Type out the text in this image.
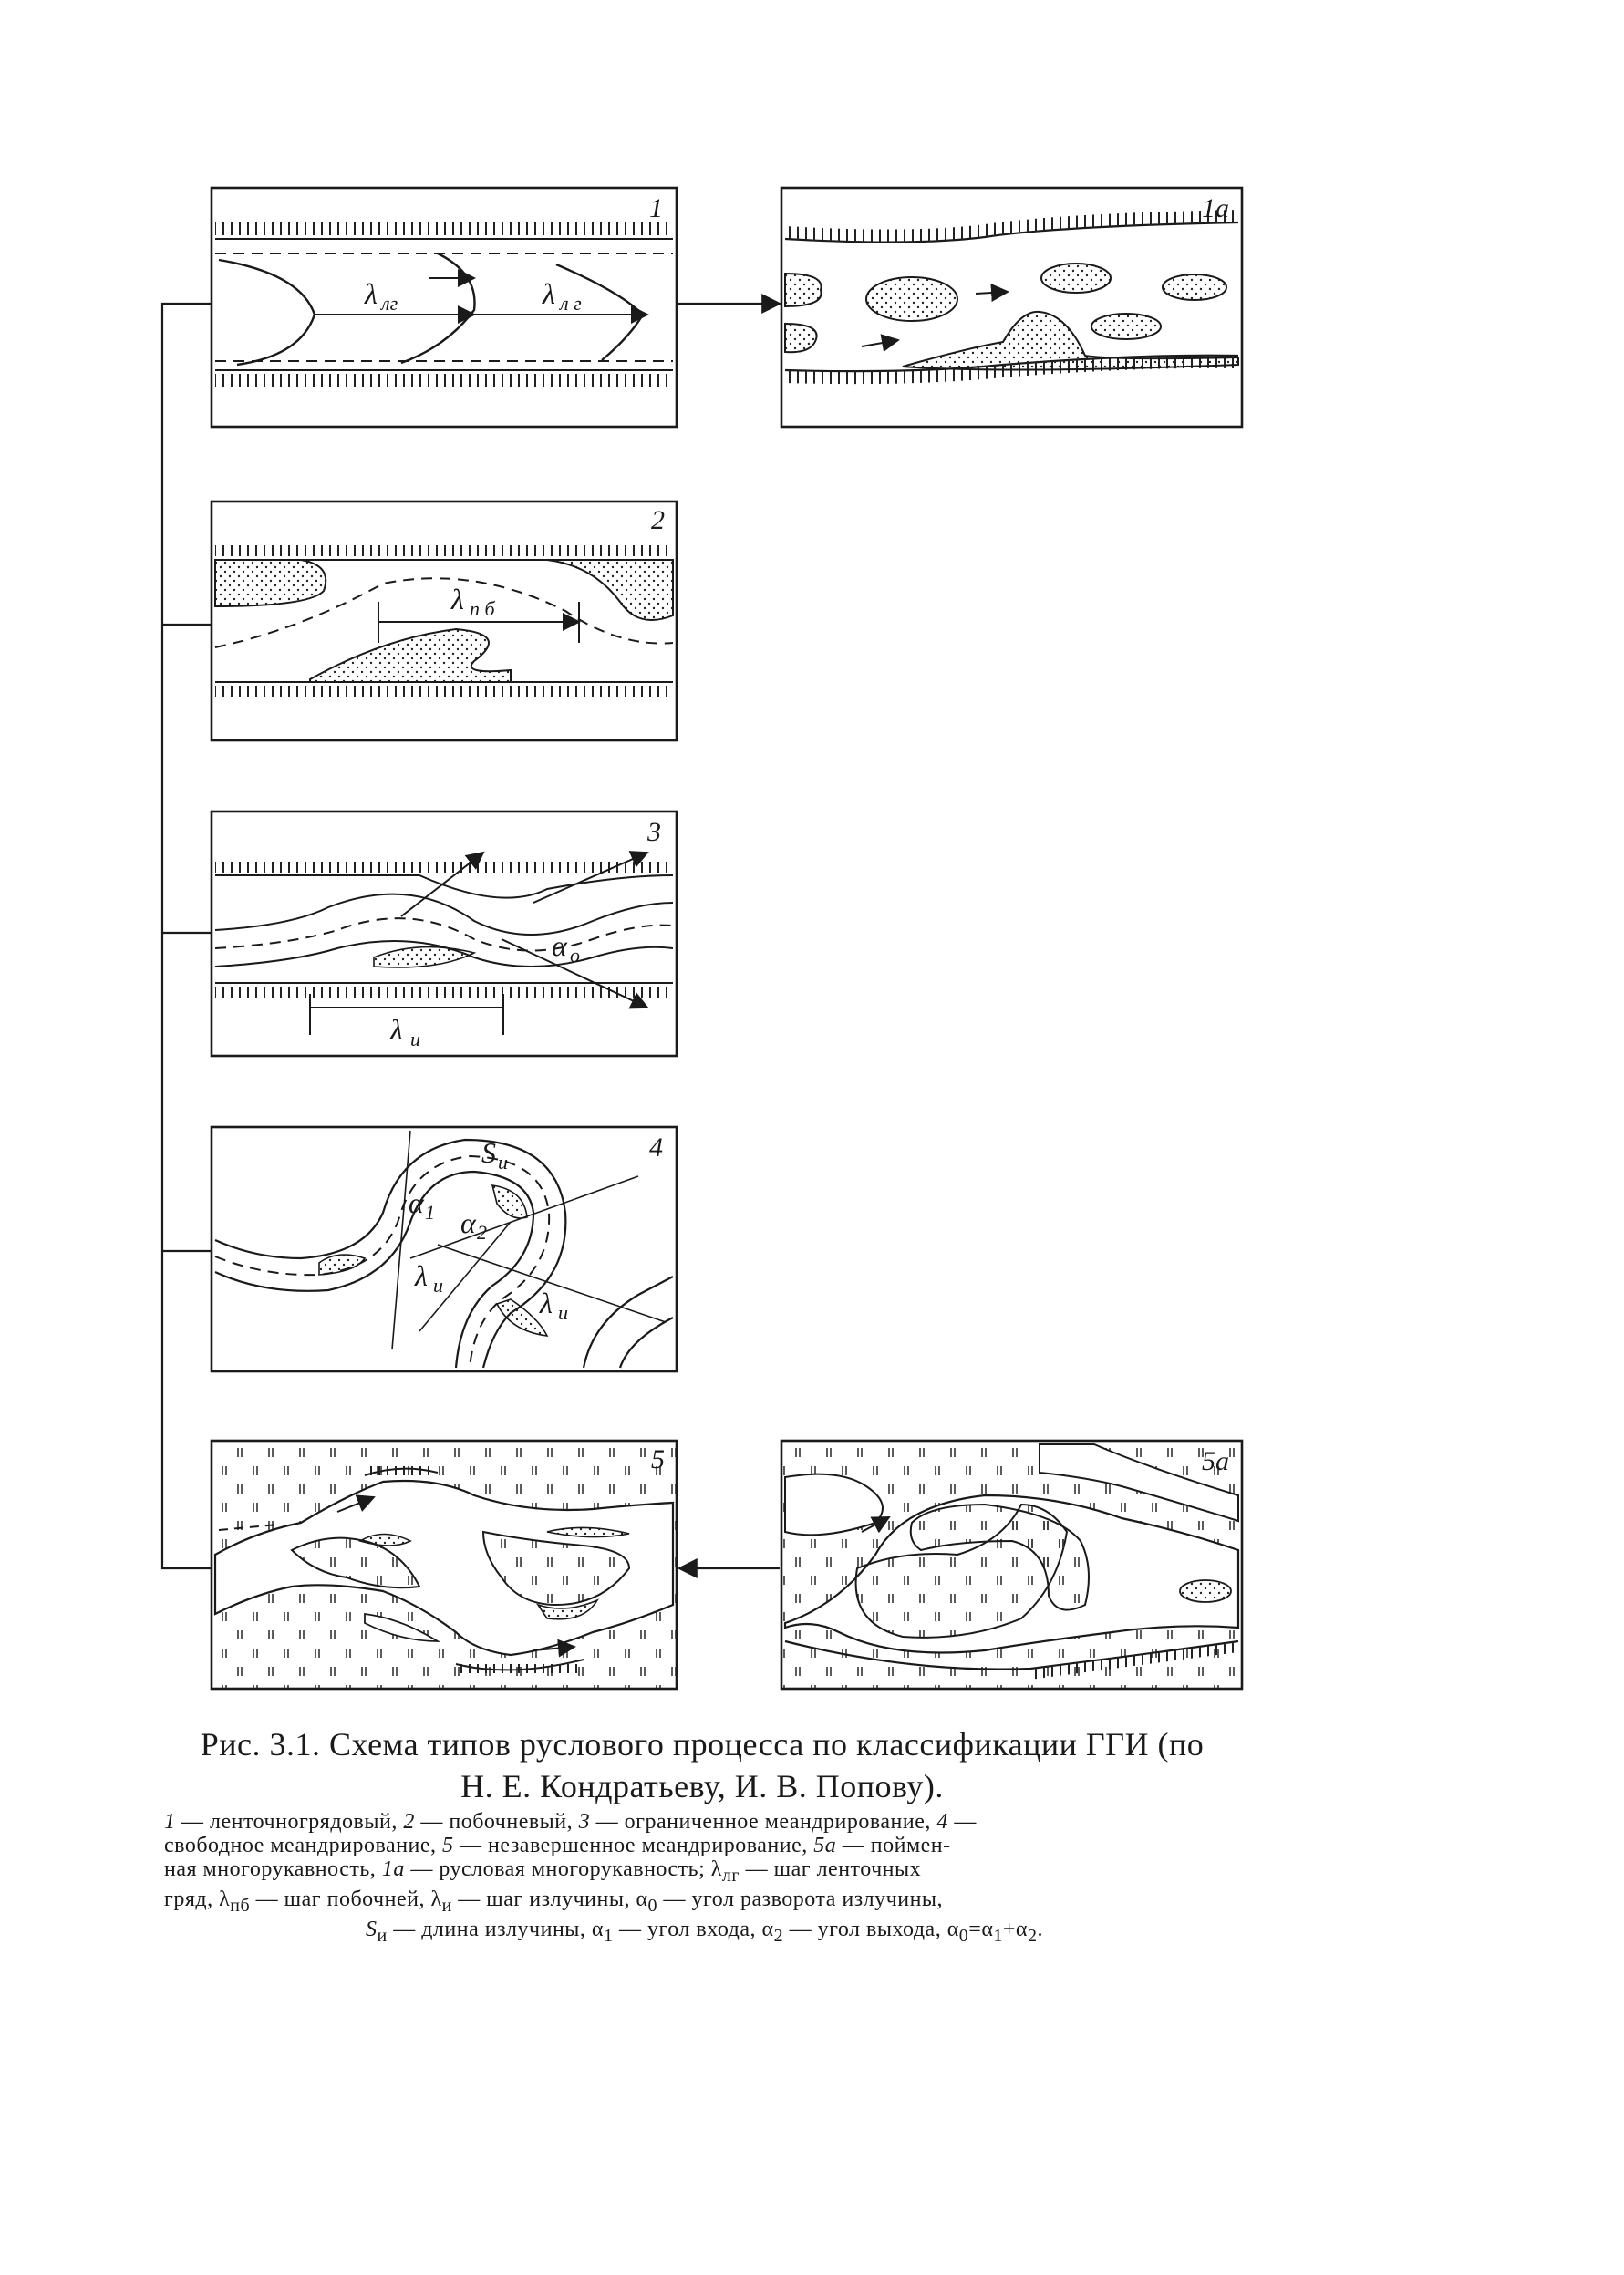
λ лг	λ л г
1	1a
λ п б
2
α o
λ и
3
S и
α 1 α 2
λ и
λ и
4
5	5a
Рис. 3.1. Схема типов руслового процесса по классификации ГГИ (по
Н. Е. Кондратьеву, И. В. Попову).

1 — ленточногрядовый, 2 — побочневый, 3 — ограниченное меандрирование, 4 —

свободное меандрирование, 5 — незавершенное меандрирование, 5а — поймен-

ная многорукавность, 1а — русловая многорукавность; $\lambda_{лг}$ — шаг ленточных

гряд, $\lambda_{пб}$ — шаг побочней, $\lambda_и$ — шаг излучины, $\alpha_0$ — угол разворота излучины,

$S_и$ — длина излучины, $\alpha_1$ — угол входа, $\alpha_2$ — угол выхода, $\alpha_0=\alpha_1+\alpha_2$.
